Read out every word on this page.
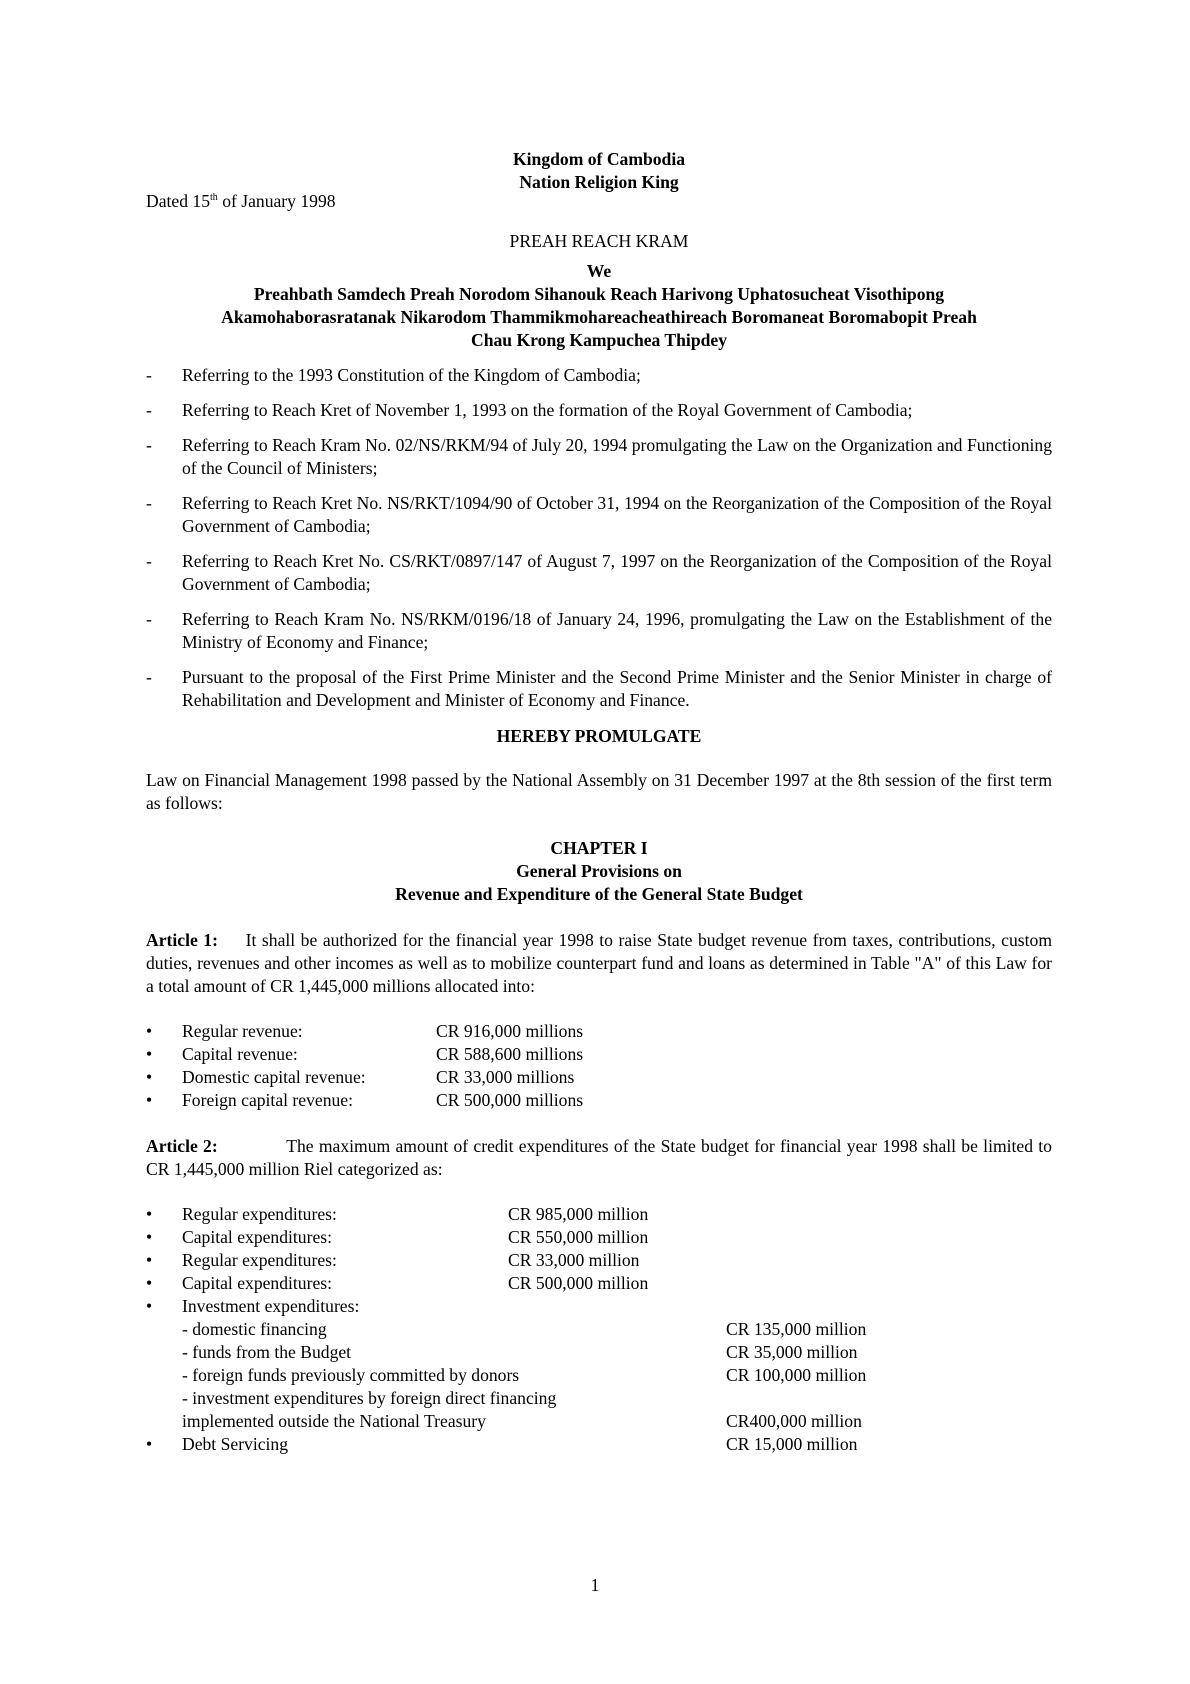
Kingdom of Cambodia
Nation Religion King
Dated 15th of January 1998
PREAH REACH KRAM
We
Preahbath Samdech Preah Norodom Sihanouk Reach Harivong Uphatosucheat Visothipong
Akamohaborasratanak Nikarodom Thammikmohareacheathireach Boromaneat Boromabopit Preah
Chau Krong Kampuchea Thipdey
-	Referring to the 1993 Constitution of the Kingdom of Cambodia;
-	Referring to Reach Kret of November 1, 1993 on the formation of the Royal Government of Cambodia;
-	Referring to Reach Kram No. 02/NS/RKM/94 of July 20, 1994 promulgating the Law on the Organization and Functioning of the Council of Ministers;
-	Referring to Reach Kret No. NS/RKT/1094/90 of October 31, 1994 on the Reorganization of the Composition of the Royal Government of Cambodia;
-	Referring to Reach Kret No. CS/RKT/0897/147 of August 7, 1997 on the Reorganization of the Composition of the Royal Government of Cambodia;
-	Referring to Reach Kram No. NS/RKM/0196/18 of January 24, 1996, promulgating the Law on the Establishment of the Ministry of Economy and Finance;
-	Pursuant to the proposal of the First Prime Minister and the Second Prime Minister and the Senior Minister in charge of Rehabilitation and Development and Minister of Economy and Finance.
HEREBY PROMULGATE
Law on Financial Management 1998 passed by the National Assembly on 31 December 1997 at the 8th session of the first term as follows:
CHAPTER I
General Provisions on
Revenue and Expenditure of the General State Budget
Article 1: It shall be authorized for the financial year 1998 to raise State budget revenue from taxes, contributions, custom duties, revenues and other incomes as well as to mobilize counterpart fund and loans as determined in Table "A" of this Law for a total amount of CR 1,445,000 millions allocated into:
•	Regular revenue:	CR 916,000 millions
•	Capital revenue:	CR 588,600 millions
•	Domestic capital revenue:	CR 33,000 millions
•	Foreign capital revenue:	CR 500,000 millions
Article 2:	The maximum amount of credit expenditures of the State budget for financial year 1998 shall be limited to CR 1,445,000 million Riel categorized as:
•	Regular expenditures:	CR 985,000 million
•	Capital expenditures:	CR 550,000 million
•	Regular expenditures:	CR 33,000 million
•	Capital expenditures:	CR 500,000 million
•	Investment expenditures:
- domestic financing	CR 135,000 million
- funds from the Budget	CR 35,000 million
- foreign funds previously committed by donors	CR 100,000 million
- investment expenditures by foreign direct financing
implemented outside the National Treasury	CR400,000 million
•	Debt Servicing	CR 15,000 million
1
